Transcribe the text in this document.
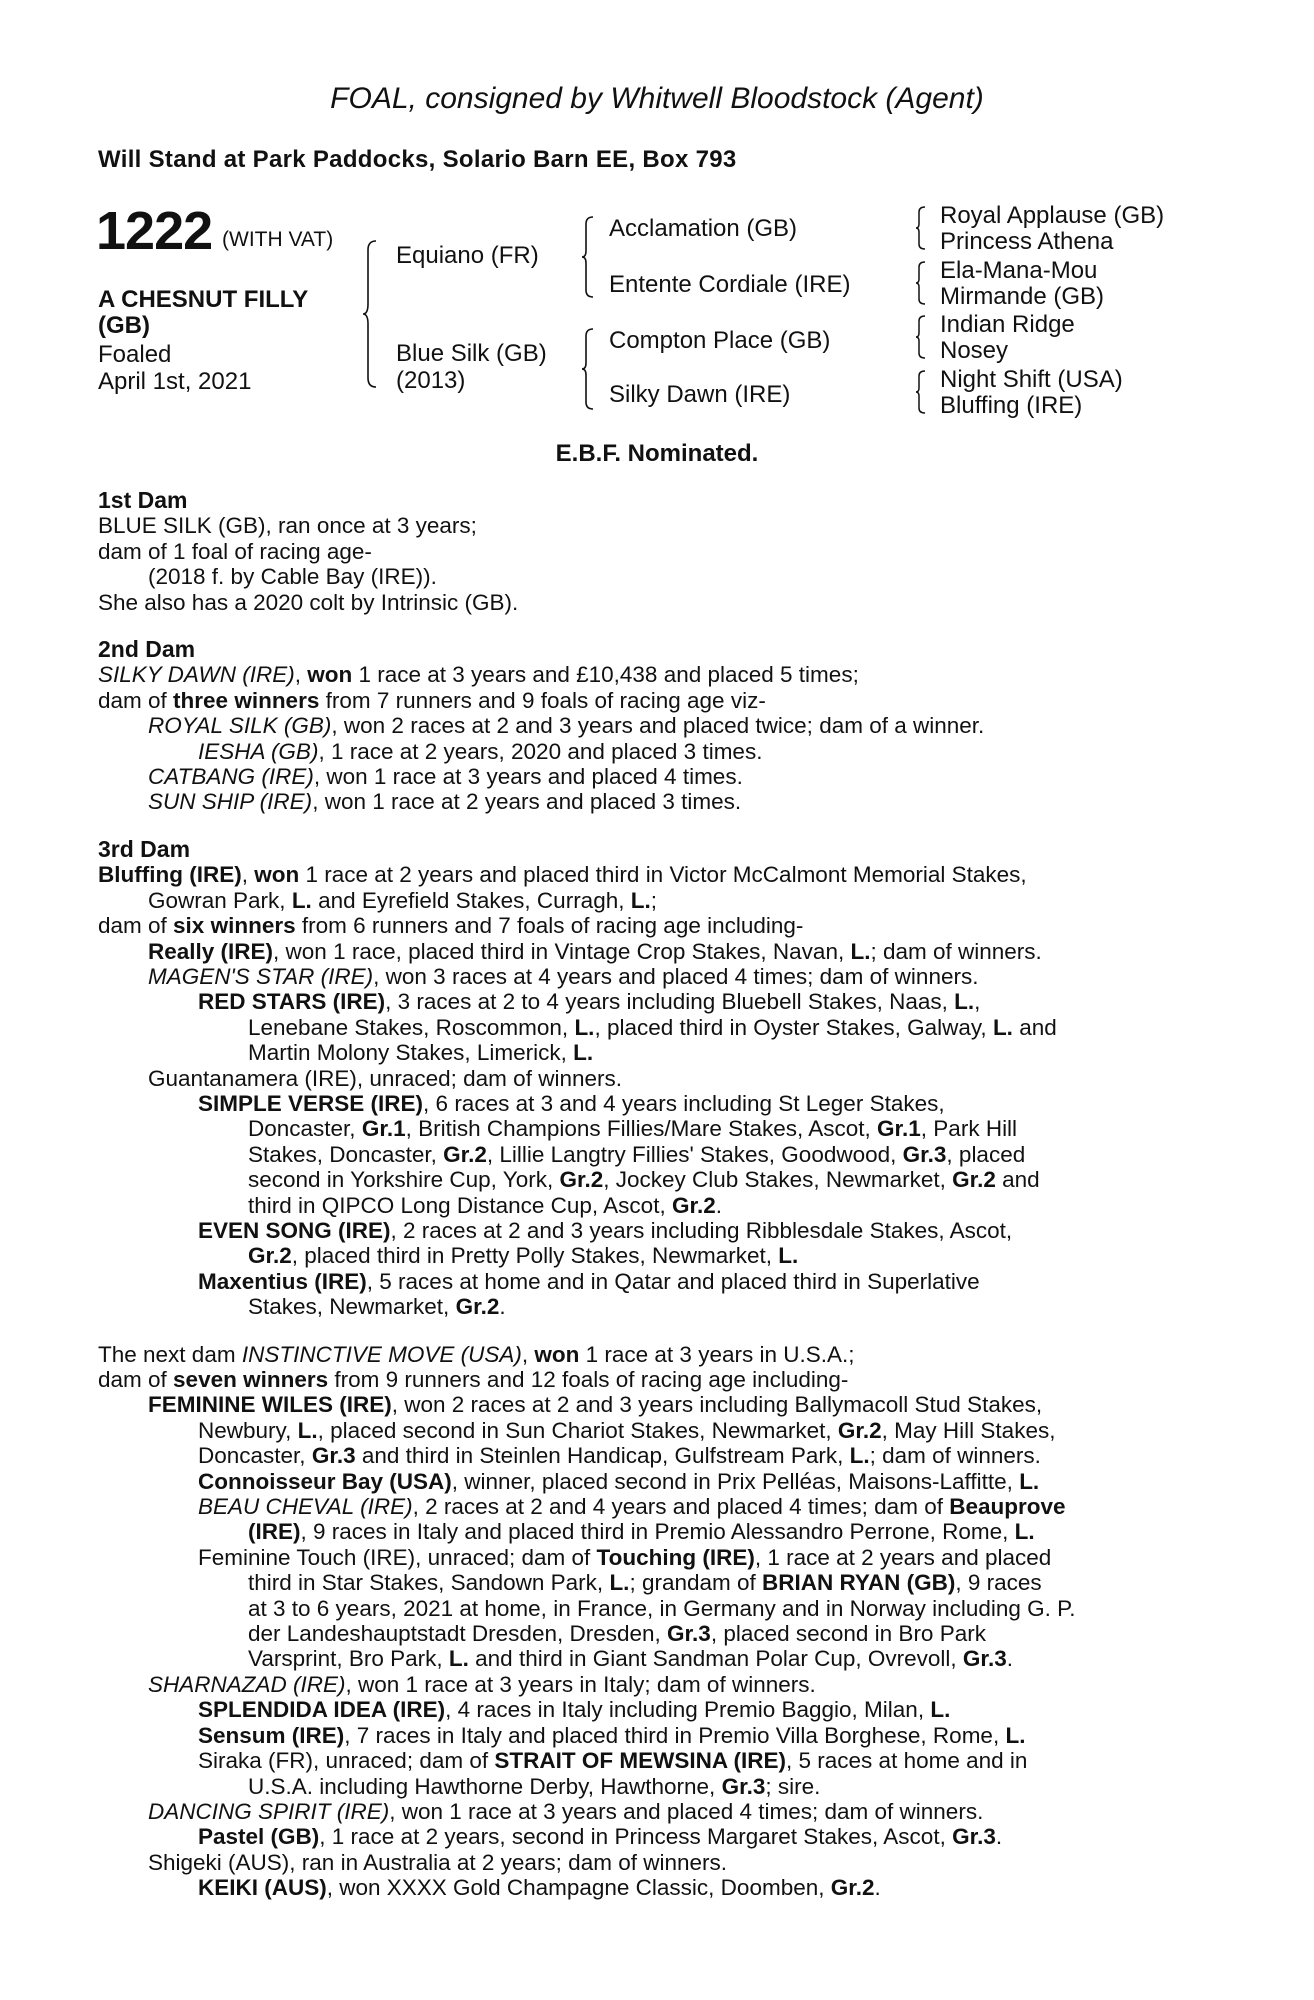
FOAL, consigned by Whitwell Bloodstock (Agent)
Will Stand at Park Paddocks, Solario Barn EE, Box 793
1222 (WITH VAT)
A CHESNUT FILLY
(GB)
Foaled
April 1st, 2021
Equiano (FR)
Blue Silk (GB)
(2013)
Acclamation (GB)
Entente Cordiale (IRE)
Compton Place (GB)
Silky Dawn (IRE)
Royal Applause (GB)
Princess Athena
Ela-Mana-Mou
Mirmande (GB)
Indian Ridge
Nosey
Night Shift (USA)
Bluffing (IRE)
E.B.F. Nominated.
1st Dam
BLUE SILK (GB), ran once at 3 years;
dam of 1 foal of racing age-
(2018 f. by Cable Bay (IRE)).
She also has a 2020 colt by Intrinsic (GB).
2nd Dam
SILKY DAWN (IRE), won 1 race at 3 years and £10,438 and placed 5 times;
dam of three winners from 7 runners and 9 foals of racing age viz-
ROYAL SILK (GB), won 2 races at 2 and 3 years and placed twice; dam of a winner.
IESHA (GB), 1 race at 2 years, 2020 and placed 3 times.
CATBANG (IRE), won 1 race at 3 years and placed 4 times.
SUN SHIP (IRE), won 1 race at 2 years and placed 3 times.
3rd Dam
Bluffing (IRE), won 1 race at 2 years and placed third in Victor McCalmont Memorial Stakes,
Gowran Park, L. and Eyrefield Stakes, Curragh, L.;
dam of six winners from 6 runners and 7 foals of racing age including-
Really (IRE), won 1 race, placed third in Vintage Crop Stakes, Navan, L.; dam of winners.
MAGEN'S STAR (IRE), won 3 races at 4 years and placed 4 times; dam of winners.
RED STARS (IRE), 3 races at 2 to 4 years including Bluebell Stakes, Naas, L.,
Lenebane Stakes, Roscommon, L., placed third in Oyster Stakes, Galway, L. and
Martin Molony Stakes, Limerick, L.
Guantanamera (IRE), unraced; dam of winners.
SIMPLE VERSE (IRE), 6 races at 3 and 4 years including St Leger Stakes,
Doncaster, Gr.1, British Champions Fillies/Mare Stakes, Ascot, Gr.1, Park Hill
Stakes, Doncaster, Gr.2, Lillie Langtry Fillies' Stakes, Goodwood, Gr.3, placed
second in Yorkshire Cup, York, Gr.2, Jockey Club Stakes, Newmarket, Gr.2 and
third in QIPCO Long Distance Cup, Ascot, Gr.2.
EVEN SONG (IRE), 2 races at 2 and 3 years including Ribblesdale Stakes, Ascot,
Gr.2, placed third in Pretty Polly Stakes, Newmarket, L.
Maxentius (IRE), 5 races at home and in Qatar and placed third in Superlative
Stakes, Newmarket, Gr.2.
The next dam INSTINCTIVE MOVE (USA), won 1 race at 3 years in U.S.A.;
dam of seven winners from 9 runners and 12 foals of racing age including-
FEMININE WILES (IRE), won 2 races at 2 and 3 years including Ballymacoll Stud Stakes,
Newbury, L., placed second in Sun Chariot Stakes, Newmarket, Gr.2, May Hill Stakes,
Doncaster, Gr.3 and third in Steinlen Handicap, Gulfstream Park, L.; dam of winners.
Connoisseur Bay (USA), winner, placed second in Prix Pelléas, Maisons-Laffitte, L.
BEAU CHEVAL (IRE), 2 races at 2 and 4 years and placed 4 times; dam of Beauprove
(IRE), 9 races in Italy and placed third in Premio Alessandro Perrone, Rome, L.
Feminine Touch (IRE), unraced; dam of Touching (IRE), 1 race at 2 years and placed
third in Star Stakes, Sandown Park, L.; grandam of BRIAN RYAN (GB), 9 races
at 3 to 6 years, 2021 at home, in France, in Germany and in Norway including G. P.
der Landeshauptstadt Dresden, Dresden, Gr.3, placed second in Bro Park
Varsprint, Bro Park, L. and third in Giant Sandman Polar Cup, Ovrevoll, Gr.3.
SHARNAZAD (IRE), won 1 race at 3 years in Italy; dam of winners.
SPLENDIDA IDEA (IRE), 4 races in Italy including Premio Baggio, Milan, L.
Sensum (IRE), 7 races in Italy and placed third in Premio Villa Borghese, Rome, L.
Siraka (FR), unraced; dam of STRAIT OF MEWSINA (IRE), 5 races at home and in
U.S.A. including Hawthorne Derby, Hawthorne, Gr.3; sire.
DANCING SPIRIT (IRE), won 1 race at 3 years and placed 4 times; dam of winners.
Pastel (GB), 1 race at 2 years, second in Princess Margaret Stakes, Ascot, Gr.3.
Shigeki (AUS), ran in Australia at 2 years; dam of winners.
KEIKI (AUS), won XXXX Gold Champagne Classic, Doomben, Gr.2.
